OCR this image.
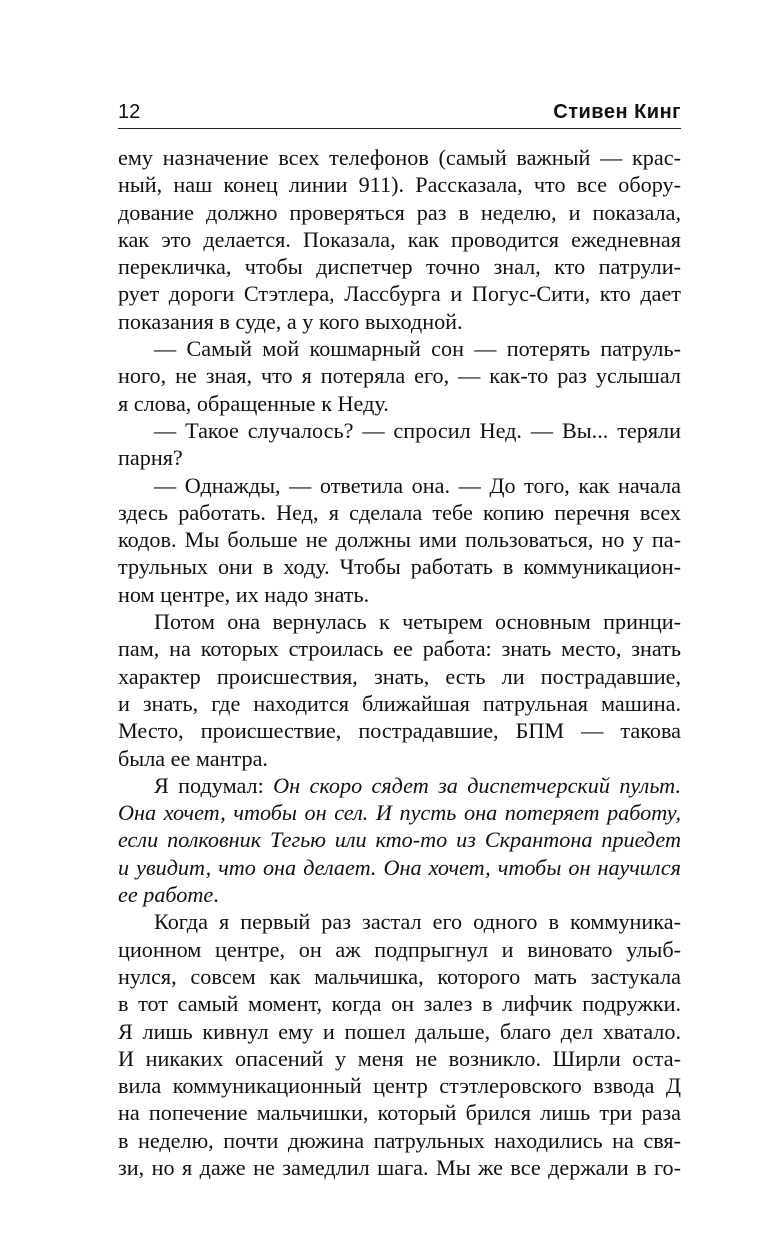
12	Стивен Кинг
ему назначение всех телефонов (самый важный — крас-
ный, наш конец линии 911). Рассказала, что все обору-
дование должно проверяться раз в неделю, и показала,
как это делается. Показала, как проводится ежедневная
перекличка, чтобы диспетчер точно знал, кто патрули-
рует дороги Стэтлера, Лассбурга и Погус-Сити, кто дает
показания в суде, а у кого выходной.
— Самый мой кошмарный сон — потерять патруль-
ного, не зная, что я потеряла его, — как-то раз услышал
я слова, обращенные к Неду.
— Такое случалось? — спросил Нед. — Вы... теряли
парня?
— Однажды, — ответила она. — До того, как начала
здесь работать. Нед, я сделала тебе копию перечня всех
кодов. Мы больше не должны ими пользоваться, но у па-
трульных они в ходу. Чтобы работать в коммуникацион-
ном центре, их надо знать.
Потом она вернулась к четырем основным принци-
пам, на которых строилась ее работа: знать место, знать
характер происшествия, знать, есть ли пострадавшие,
и знать, где находится ближайшая патрульная машина.
Место, происшествие, пострадавшие, БПМ — такова
была ее мантра.
Я подумал: Он скоро сядет за диспетчерский пульт.
Она хочет, чтобы он сел. И пусть она потеряет работу,
если полковник Тегью или кто-то из Скрантона приедет
и увидит, что она делает. Она хочет, чтобы он научился
ее работе.
Когда я первый раз застал его одного в коммуника-
ционном центре, он аж подпрыгнул и виновато улыб-
нулся, совсем как мальчишка, которого мать застукала
в тот самый момент, когда он залез в лифчик подружки.
Я лишь кивнул ему и пошел дальше, благо дел хватало.
И никаких опасений у меня не возникло. Ширли оста-
вила коммуникационный центр стэтлеровского взвода Д
на попечение мальчишки, который брился лишь три раза
в неделю, почти дюжина патрульных находились на свя-
зи, но я даже не замедлил шага. Мы же все держали в го-
